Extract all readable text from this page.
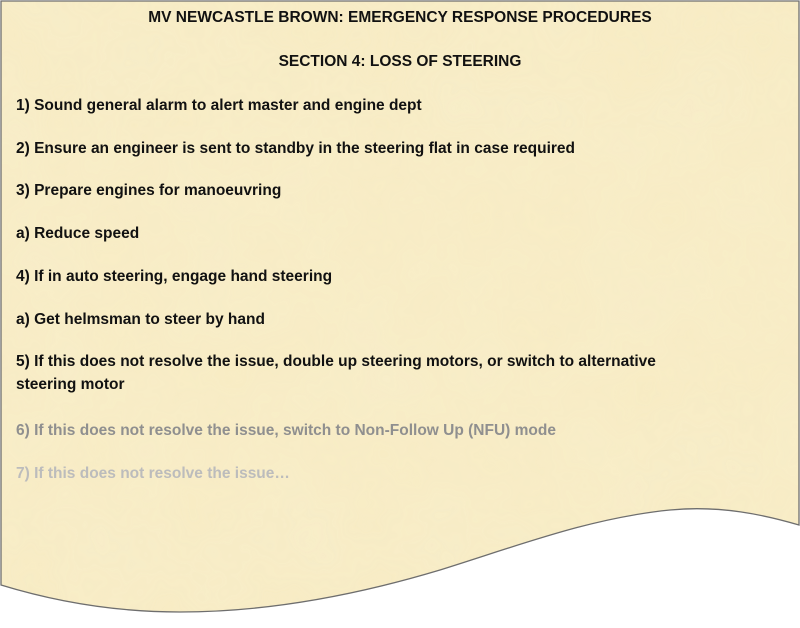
MV NEWCASTLE BROWN: EMERGENCY RESPONSE PROCEDURES
SECTION 4: LOSS OF STEERING
1) Sound general alarm to alert master and engine dept
2) Ensure an engineer is sent to standby in the steering flat in case required
3) Prepare engines for manoeuvring
a) Reduce speed
4) If in auto steering, engage hand steering
a) Get helmsman to steer by hand
5) If this does not resolve the issue, double up steering motors, or switch to alternative steering motor
6) If this does not resolve the issue, switch to Non-Follow Up (NFU) mode
7) If this does not resolve the issue…
